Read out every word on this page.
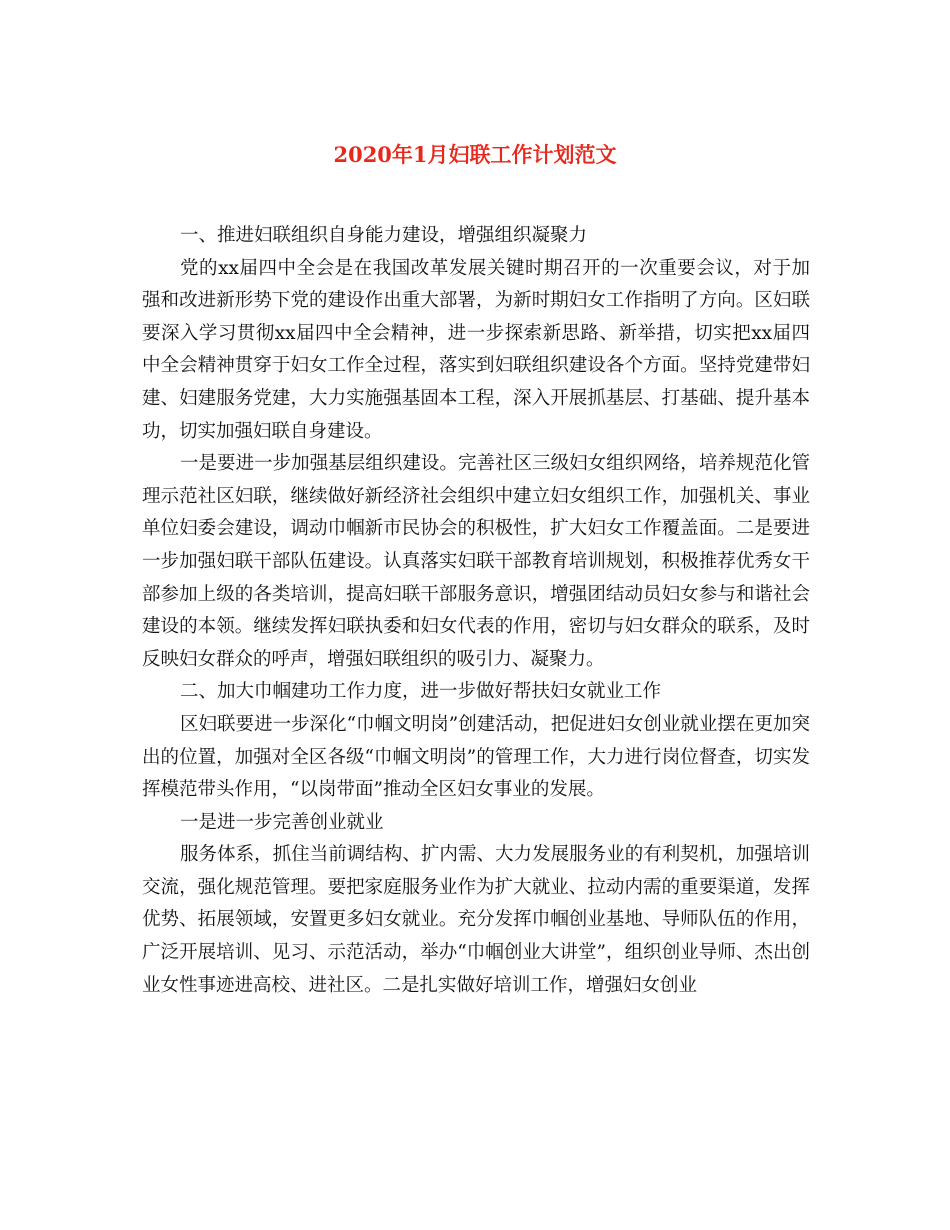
2020年1月妇联工作计划范文

一、推进妇联组织自身能力建设，增强组织凝聚力

党的xx届四中全会是在我国改革发展关键时期召开的一次重要会议，对于加强和改进新形势下党的建设作出重大部署，为新时期妇女工作指明了方向。区妇联要深入学习贯彻xx届四中全会精神，进一步探索新思路、新举措，切实把xx届四中全会精神贯穿于妇女工作全过程，落实到妇联组织建设各个方面。坚持党建带妇建、妇建服务党建，大力实施强基固本工程，深入开展抓基层、打基础、提升基本功，切实加强妇联自身建设。

一是要进一步加强基层组织建设。完善社区三级妇女组织网络，培养规范化管理示范社区妇联，继续做好新经济社会组织中建立妇女组织工作，加强机关、事业单位妇委会建设，调动巾帼新市民协会的积极性，扩大妇女工作覆盖面。二是要进一步加强妇联干部队伍建设。认真落实妇联干部教育培训规划，积极推荐优秀女干部参加上级的各类培训，提高妇联干部服务意识，增强团结动员妇女参与和谐社会建设的本领。继续发挥妇联执委和妇女代表的作用，密切与妇女群众的联系，及时反映妇女群众的呼声，增强妇联组织的吸引力、凝聚力。

二、加大巾帼建功工作力度，进一步做好帮扶妇女就业工作

区妇联要进一步深化“巾帼文明岗”创建活动，把促进妇女创业就业摆在更加突出的位置，加强对全区各级“巾帼文明岗”的管理工作，大力进行岗位督查，切实发挥模范带头作用，“以岗带面”推动全区妇女事业的发展。

一是进一步完善创业就业

服务体系，抓住当前调结构、扩内需、大力发展服务业的有利契机，加强培训交流，强化规范管理。要把家庭服务业作为扩大就业、拉动内需的重要渠道，发挥优势、拓展领域，安置更多妇女就业。充分发挥巾帼创业基地、导师队伍的作用，广泛开展培训、见习、示范活动，举办“巾帼创业大讲堂”，组织创业导师、杰出创业女性事迹进高校、进社区。二是扎实做好培训工作，增强妇女创业
